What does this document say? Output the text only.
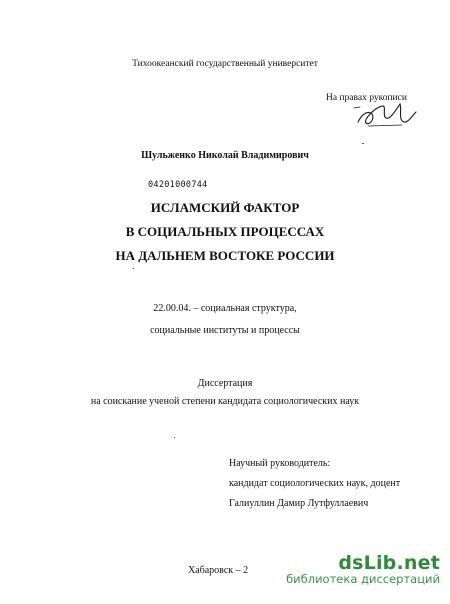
Тихоокеанский государственный университет
На правах рукописи
Шульженко Николай Владимирович
04201000744
ИСЛАМСКИЙ ФАКТОР
В СОЦИАЛЬНЫХ ПРОЦЕССАХ
НА ДАЛЬНЕМ ВОСТОКЕ РОССИИ
22.00.04. – социальная структура,
социальные институты и процессы
Диссертация
на соискание ученой степени кандидата социологических наук
Научный руководитель:
кандидат социологических наук, доцент
Галиуллин Дамир Лутфуллаевич
Хабаровск – 2	dsLib.net
библиотека диссертаций
